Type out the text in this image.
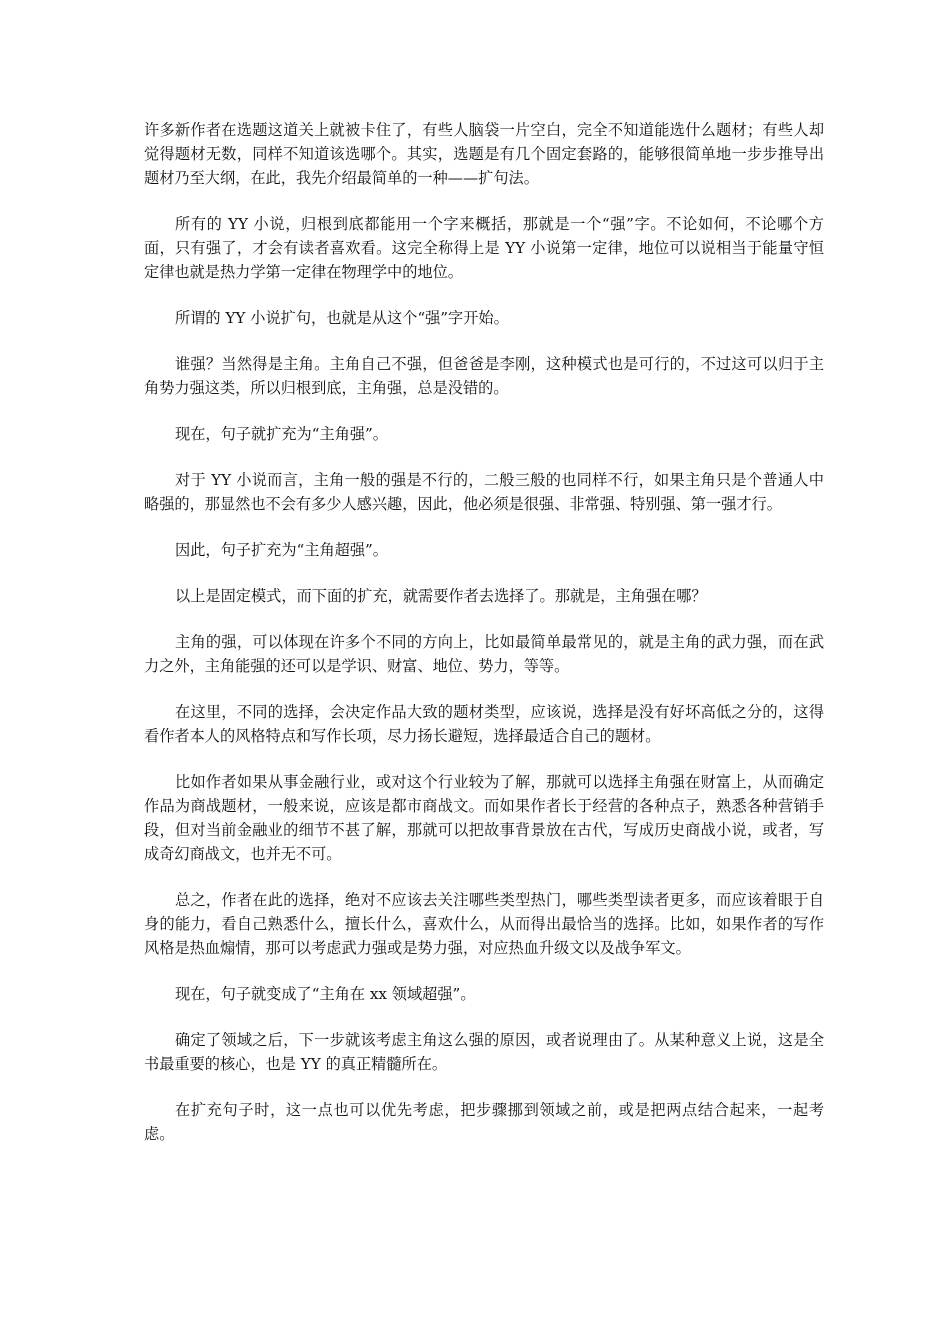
许多新作者在选题这道关上就被卡住了，有些人脑袋一片空白，完全不知道能选什么题材；有些人却觉得题材无数，同样不知道该选哪个。其实，选题是有几个固定套路的，能够很简单地一步步推导出题材乃至大纲，在此，我先介绍最简单的一种——扩句法。

所有的 YY 小说，归根到底都能用一个字来概括，那就是一个“强”字。不论如何，不论哪个方面，只有强了，才会有读者喜欢看。这完全称得上是 YY 小说第一定律，地位可以说相当于能量守恒定律也就是热力学第一定律在物理学中的地位。

所谓的 YY 小说扩句，也就是从这个“强”字开始。

谁强？当然得是主角。主角自己不强，但爸爸是李刚，这种模式也是可行的，不过这可以归于主角势力强这类，所以归根到底，主角强，总是没错的。

现在，句子就扩充为“主角强”。

对于 YY 小说而言，主角一般的强是不行的，二般三般的也同样不行，如果主角只是个普通人中略强的，那显然也不会有多少人感兴趣，因此，他必须是很强、非常强、特别强、第一强才行。

因此，句子扩充为“主角超强”。

以上是固定模式，而下面的扩充，就需要作者去选择了。那就是，主角强在哪？

主角的强，可以体现在许多个不同的方向上，比如最简单最常见的，就是主角的武力强，而在武力之外，主角能强的还可以是学识、财富、地位、势力，等等。

在这里，不同的选择，会决定作品大致的题材类型，应该说，选择是没有好坏高低之分的，这得看作者本人的风格特点和写作长项，尽力扬长避短，选择最适合自己的题材。

比如作者如果从事金融行业，或对这个行业较为了解，那就可以选择主角强在财富上，从而确定作品为商战题材，一般来说，应该是都市商战文。而如果作者长于经营的各种点子，熟悉各种营销手段，但对当前金融业的细节不甚了解，那就可以把故事背景放在古代，写成历史商战小说，或者，写成奇幻商战文，也并无不可。

总之，作者在此的选择，绝对不应该去关注哪些类型热门，哪些类型读者更多，而应该着眼于自身的能力，看自己熟悉什么，擅长什么，喜欢什么，从而得出最恰当的选择。比如，如果作者的写作风格是热血煽情，那可以考虑武力强或是势力强，对应热血升级文以及战争军文。

现在，句子就变成了“主角在 xx 领域超强”。

确定了领域之后，下一步就该考虑主角这么强的原因，或者说理由了。从某种意义上说，这是全书最重要的核心，也是 YY 的真正精髓所在。

在扩充句子时，这一点也可以优先考虑，把步骤挪到领域之前，或是把两点结合起来，一起考虑。
